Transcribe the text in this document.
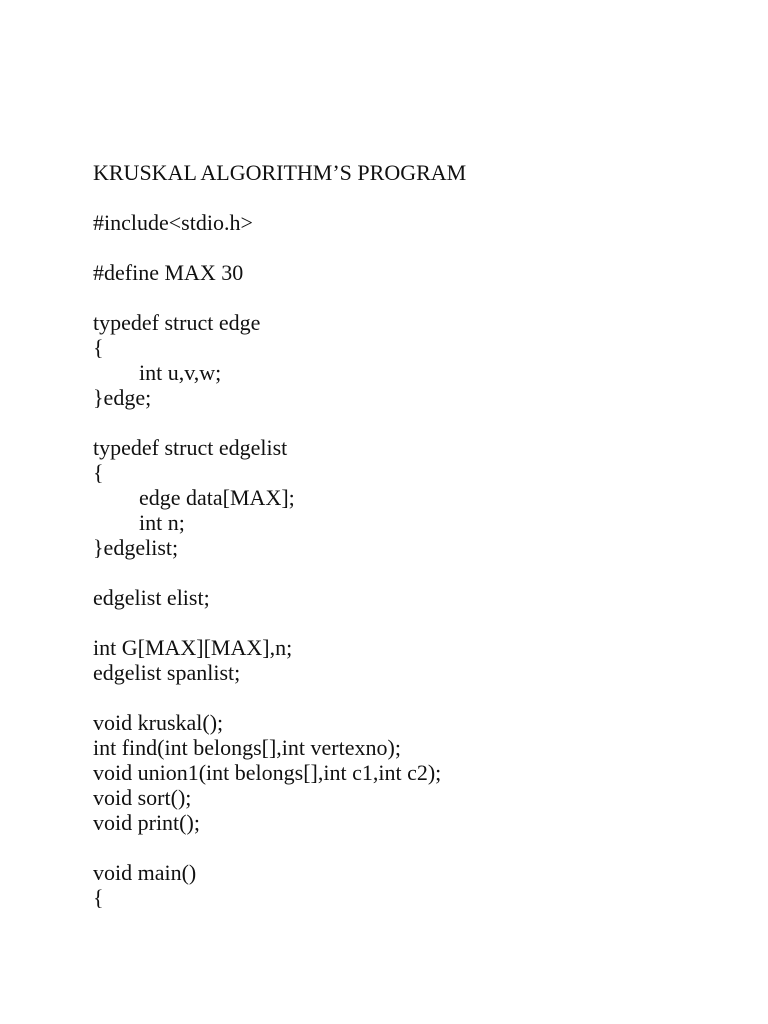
KRUSKAL ALGORITHM’S PROGRAM
#include<stdio.h>
#define MAX 30
typedef struct edge
{
int u,v,w;
}edge;
typedef struct edgelist
{
edge data[MAX];
int n;
}edgelist;
edgelist elist;
int G[MAX][MAX],n;
edgelist spanlist;
void kruskal();
int find(int belongs[],int vertexno);
void union1(int belongs[],int c1,int c2);
void sort();
void print();
void main()
{
